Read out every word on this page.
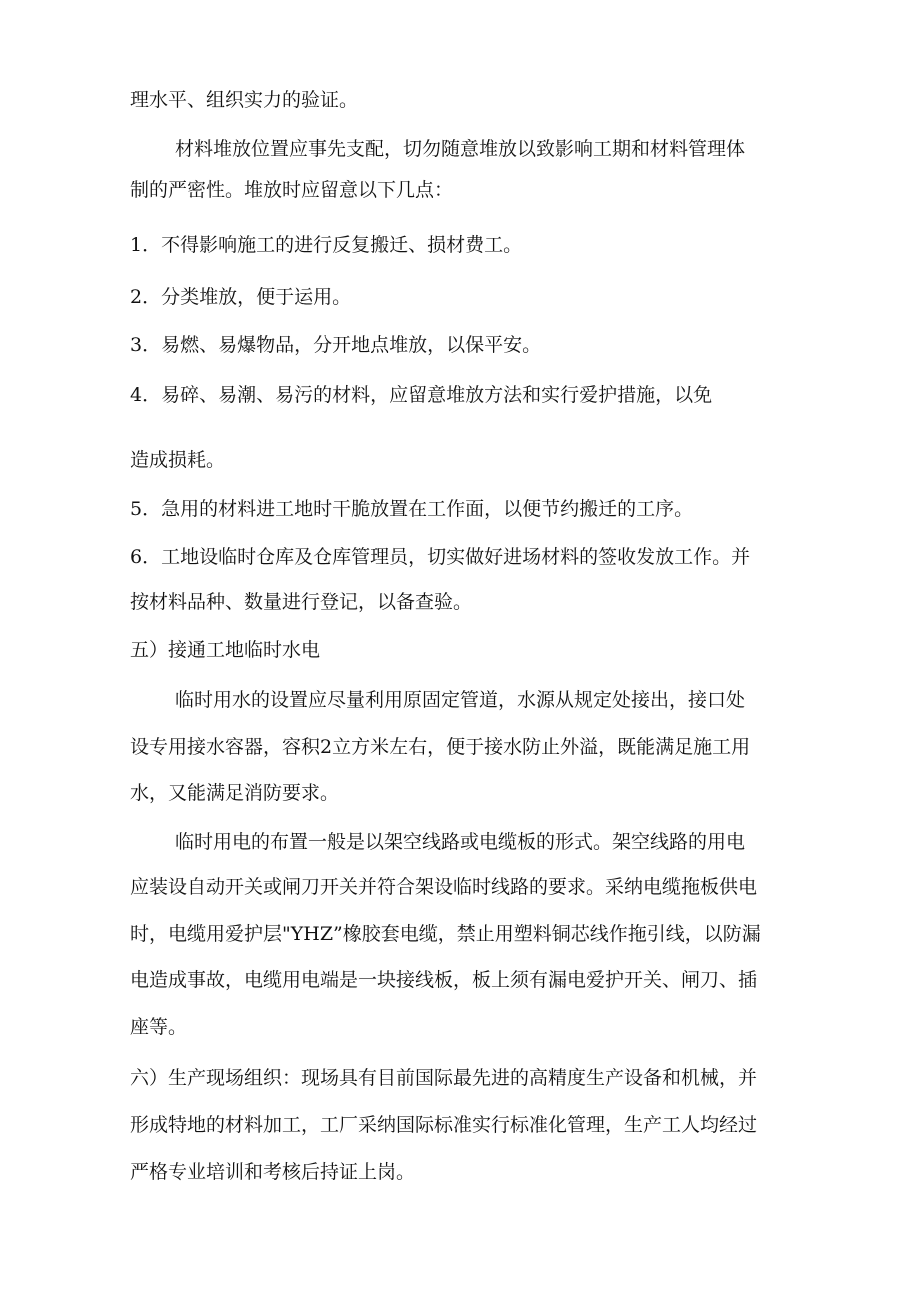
理水平、组织实力的验证。
材料堆放位置应事先支配，切勿随意堆放以致影响工期和材料管理体
制的严密性。堆放时应留意以下几点：
1．不得影响施工的进行反复搬迁、损材费工。
2．分类堆放，便于运用。
3．易燃、易爆物品，分开地点堆放，以保平安。
4．易碎、易潮、易污的材料，应留意堆放方法和实行爱护措施，以免
造成损耗。
5．急用的材料进工地时干脆放置在工作面，以便节约搬迁的工序。
6．工地设临时仓库及仓库管理员，切实做好进场材料的签收发放工作。并
按材料品种、数量进行登记，以备查验。
五）接通工地临时水电
临时用水的设置应尽量利用原固定管道，水源从规定处接出，接口处
设专用接水容器，容积2立方米左右，便于接水防止外溢，既能满足施工用
水，又能满足消防要求。
临时用电的布置一般是以架空线路或电缆板的形式。架空线路的用电
应装设自动开关或闸刀开关并符合架设临时线路的要求。采纳电缆拖板供电
时，电缆用爱护层"YHZ”橡胶套电缆，禁止用塑料铜芯线作拖引线，以防漏
电造成事故，电缆用电端是一块接线板，板上须有漏电爱护开关、闸刀、插
座等。
六）生产现场组织：现场具有目前国际最先进的高精度生产设备和机械，并
形成特地的材料加工，工厂采纳国际标准实行标准化管理，生产工人均经过
严格专业培训和考核后持证上岗。
